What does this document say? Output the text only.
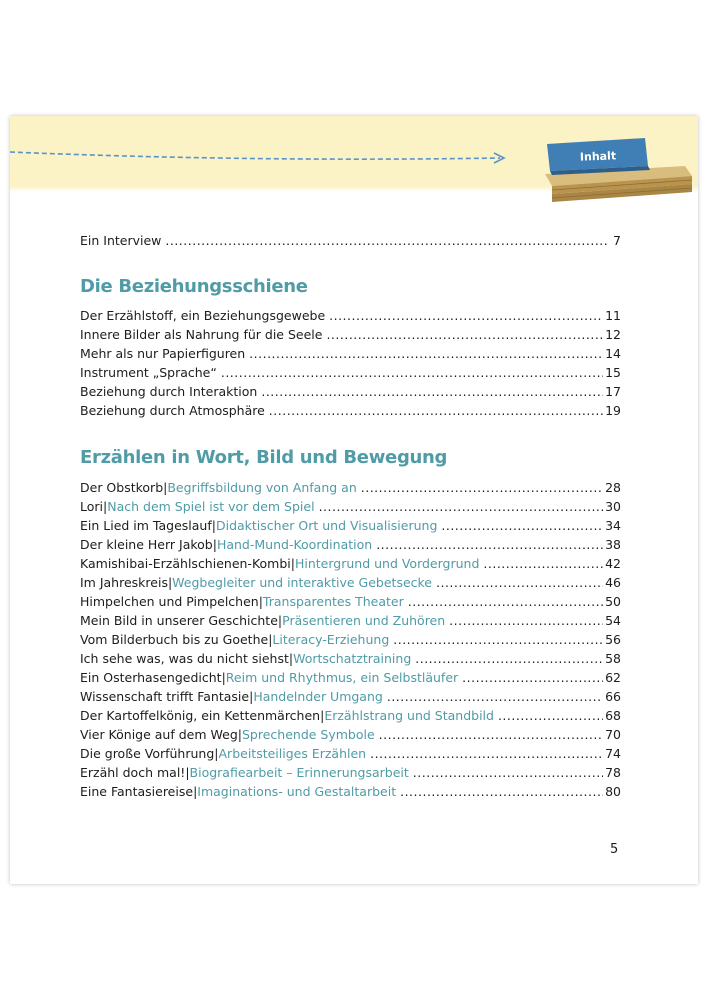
Inhalt
Ein Interview .....	7
Die Beziehungsschiene
Der Erzählstoff, ein Beziehungsgewebe .....	11
Innere Bilder als Nahrung für die Seele .....	12
Mehr als nur Papierfiguren .....	14
Instrument „Sprache“ .....	15
Beziehung durch Interaktion .....	17
Beziehung durch Atmosphäre .....	19
Erzählen in Wort, Bild und Bewegung
Der Obstkorb | Begriffsbildung von Anfang an .....	28
Lori | Nach dem Spiel ist vor dem Spiel .....	30
Ein Lied im Tageslauf | Didaktischer Ort und Visualisierung .....	34
Der kleine Herr Jakob | Hand-Mund-Koordination .....	38
Kamishibai-Erzählschienen-Kombi | Hintergrund und Vordergrund .....	42
Im Jahreskreis | Wegbegleiter und interaktive Gebetsecke .....	46
Himpelchen und Pimpelchen | Transparentes Theater .....	50
Mein Bild in unserer Geschichte | Präsentieren und Zuhören .....	54
Vom Bilderbuch bis zu Goethe | Literacy-Erziehung .....	56
Ich sehe was, was du nicht siehst | Wortschatztraining .....	58
Ein Osterhasengedicht | Reim und Rhythmus, ein Selbstläufer .....	62
Wissenschaft trifft Fantasie | Handelnder Umgang .....	66
Der Kartoffelkönig, ein Kettenmärchen | Erzählstrang und Standbild .....	68
Vier Könige auf dem Weg | Sprechende Symbole .....	70
Die große Vorführung | Arbeitsteiliges Erzählen .....	74
Erzähl doch mal! | Biografiearbeit – Erinnerungsarbeit .....	78
Eine Fantasiereise | Imaginations- und Gestaltarbeit .....	80
5
